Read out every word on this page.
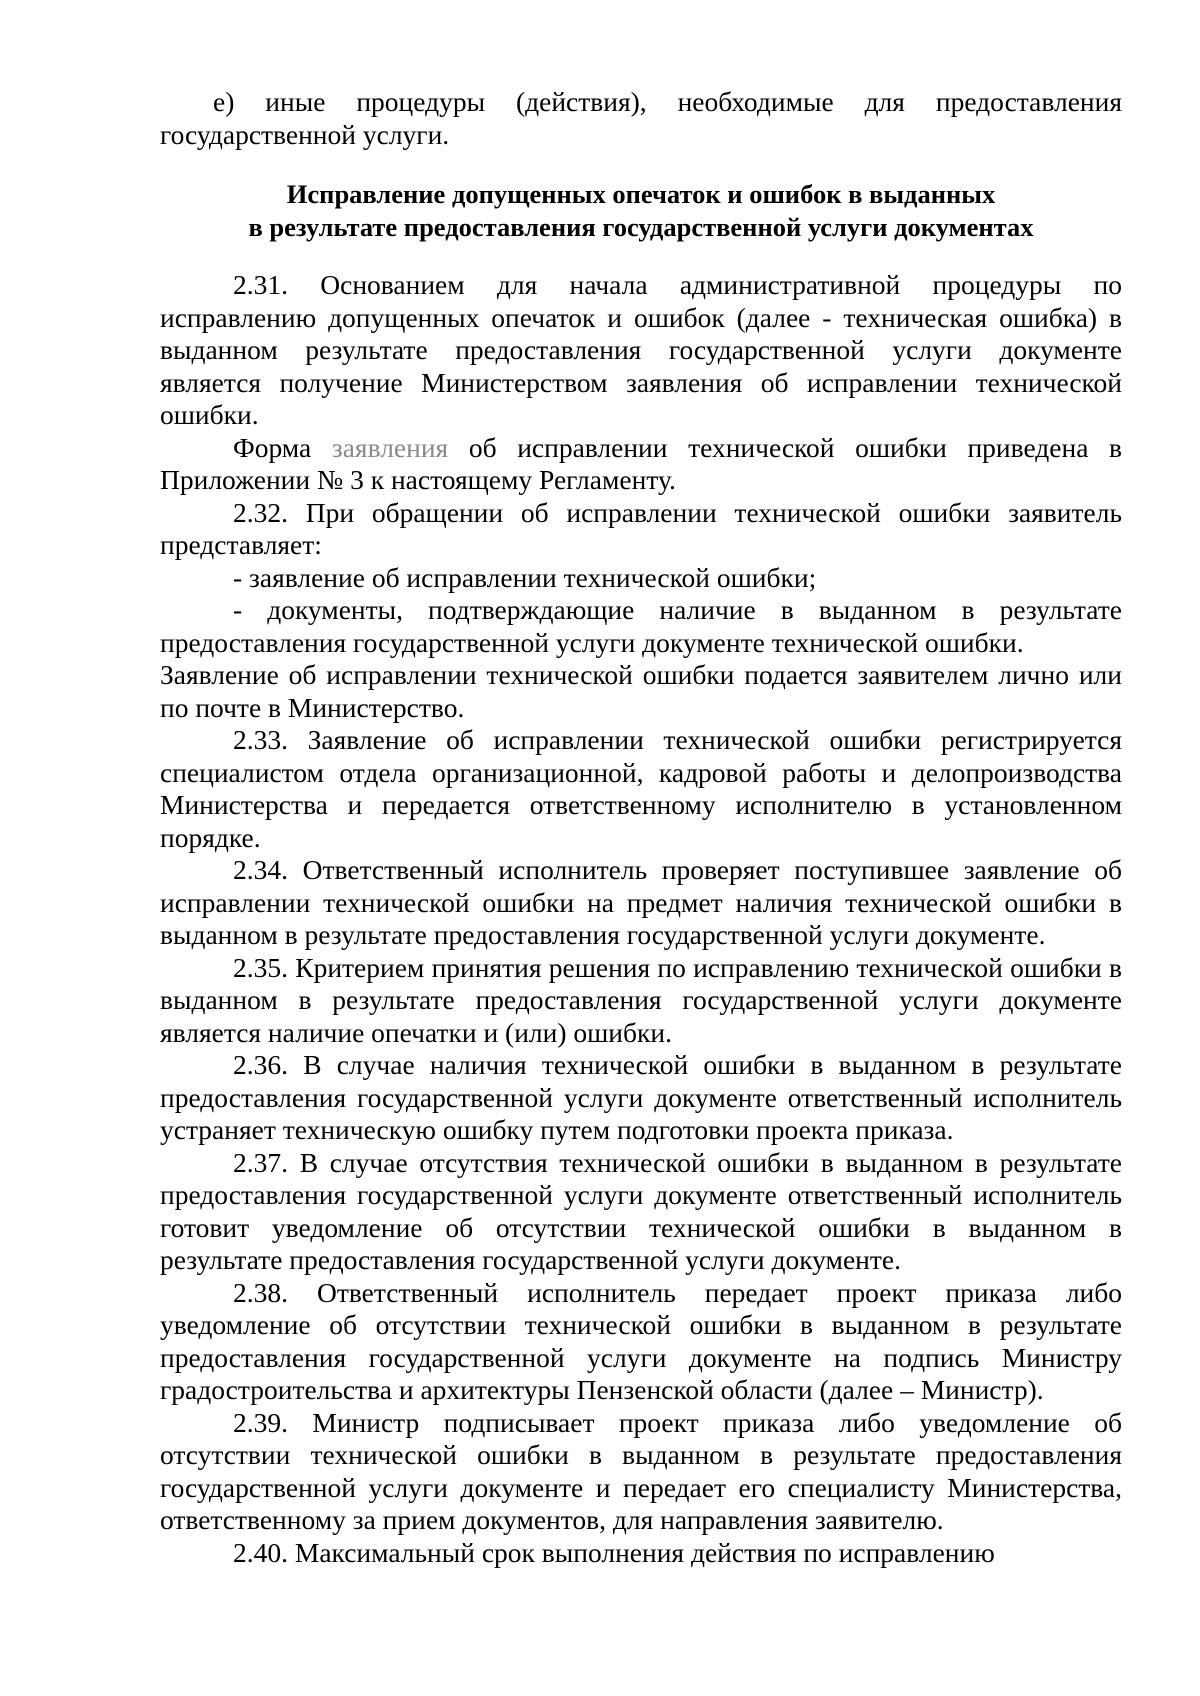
е) иные процедуры (действия), необходимые для предоставления государственной услуги.

Исправление допущенных опечаток и ошибок в выданных
в результате предоставления государственной услуги документах

2.31. Основанием для начала административной процедуры по исправлению допущенных опечаток и ошибок (далее - техническая ошибка) в выданном результате предоставления государственной услуги документе является получение Министерством заявления об исправлении технической ошибки.

Форма заявления об исправлении технической ошибки приведена в Приложении № 3 к настоящему Регламенту.

2.32. При обращении об исправлении технической ошибки заявитель представляет:

- заявление об исправлении технической ошибки;

- документы, подтверждающие наличие в выданном в результате предоставления государственной услуги документе технической ошибки.

Заявление об исправлении технической ошибки подается заявителем лично или по почте в Министерство.

2.33. Заявление об исправлении технической ошибки регистрируется специалистом отдела организационной, кадровой работы и делопроизводства Министерства и передается ответственному исполнителю в установленном порядке.

2.34. Ответственный исполнитель проверяет поступившее заявление об исправлении технической ошибки на предмет наличия технической ошибки в выданном в результате предоставления государственной услуги документе.

2.35. Критерием принятия решения по исправлению технической ошибки в выданном в результате предоставления государственной услуги документе является наличие опечатки и (или) ошибки.

2.36. В случае наличия технической ошибки в выданном в результате предоставления государственной услуги документе ответственный исполнитель устраняет техническую ошибку путем подготовки проекта приказа.

2.37. В случае отсутствия технической ошибки в выданном в результате предоставления государственной услуги документе ответственный исполнитель готовит уведомление об отсутствии технической ошибки в выданном в результате предоставления государственной услуги документе.

2.38. Ответственный исполнитель передает проект приказа либо уведомление об отсутствии технической ошибки в выданном в результате предоставления государственной услуги документе на подпись Министру градостроительства и архитектуры Пензенской области (далее – Министр).

2.39. Министр подписывает проект приказа либо уведомление об отсутствии технической ошибки в выданном в результате предоставления государственной услуги документе и передает его специалисту Министерства, ответственному за прием документов, для направления заявителю.

2.40. Максимальный срок выполнения действия по исправлению
